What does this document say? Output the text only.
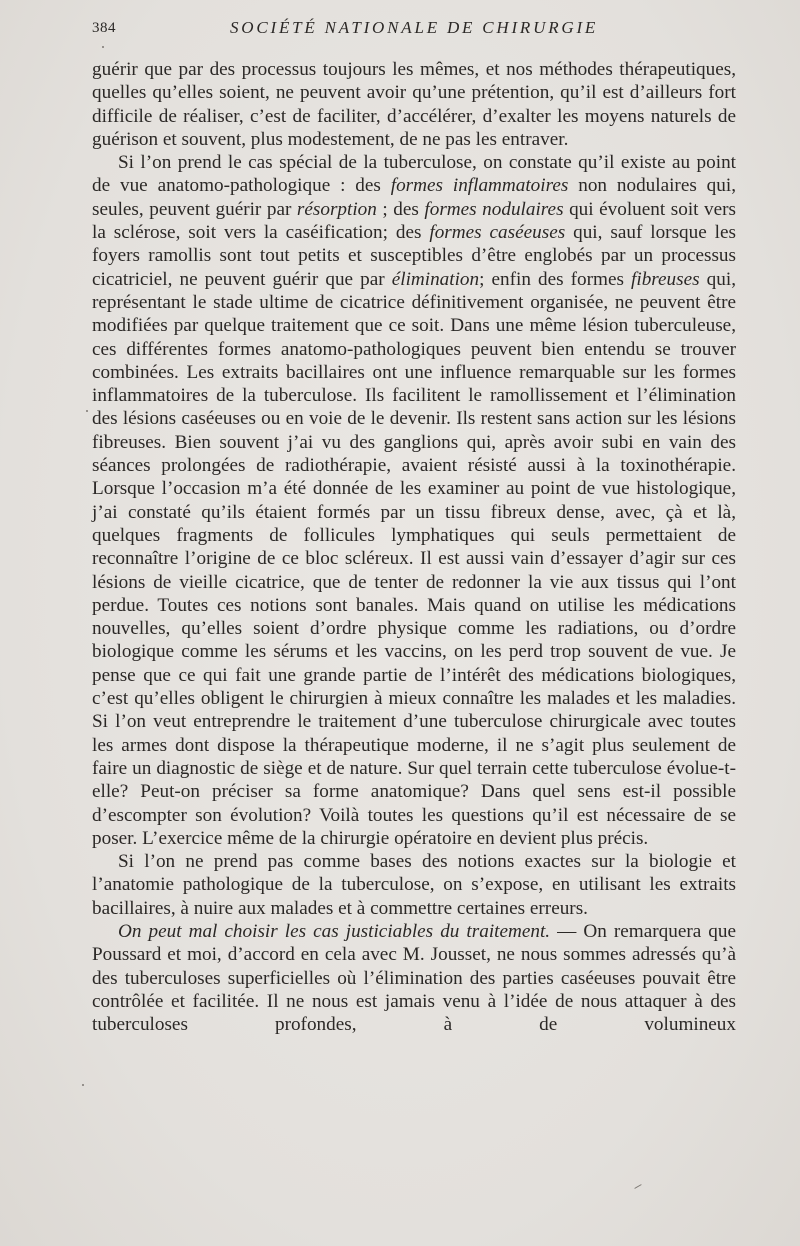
384	SOCIÉTÉ NATIONALE DE CHIRURGIE

guérir que par des processus toujours les mêmes, et nos méthodes thérapeutiques, quelles qu’elles soient, ne peuvent avoir qu’une prétention, qu’il est d’ailleurs fort difficile de réaliser, c’est de faciliter, d’accélérer, d’exalter les moyens naturels de guérison et souvent, plus modestement, de ne pas les entraver.

Si l’on prend le cas spécial de la tuberculose, on constate qu’il existe au point de vue anatomo-pathologique : des formes inflammatoires non nodulaires qui, seules, peuvent guérir par résorption ; des formes nodulaires qui évoluent soit vers la sclérose, soit vers la caséification; des formes caséeuses qui, sauf lorsque les foyers ramollis sont tout petits et susceptibles d’être englobés par un processus cicatriciel, ne peuvent guérir que par élimination; enfin des formes fibreuses qui, représentant le stade ultime de cicatrice définitivement organisée, ne peuvent être modifiées par quelque traitement que ce soit. Dans une même lésion tuberculeuse, ces différentes formes anatomo-pathologiques peuvent bien entendu se trouver combinées. Les extraits bacillaires ont une influence remarquable sur les formes inflammatoires de la tuberculose. Ils facilitent le ramollissement et l’élimination des lésions caséeuses ou en voie de le devenir. Ils restent sans action sur les lésions fibreuses. Bien souvent j’ai vu des ganglions qui, après avoir subi en vain des séances prolongées de radiothérapie, avaient résisté aussi à la toxinothérapie. Lorsque l’occasion m’a été donnée de les examiner au point de vue histologique, j’ai constaté qu’ils étaient formés par un tissu fibreux dense, avec, çà et là, quelques fragments de follicules lymphatiques qui seuls permettaient de reconnaître l’origine de ce bloc scléreux. Il est aussi vain d’essayer d’agir sur ces lésions de vieille cicatrice, que de tenter de redonner la vie aux tissus qui l’ont perdue. Toutes ces notions sont banales. Mais quand on utilise les médications nouvelles, qu’elles soient d’ordre physique comme les radiations, ou d’ordre biologique comme les sérums et les vaccins, on les perd trop souvent de vue. Je pense que ce qui fait une grande partie de l’intérêt des médications biologiques, c’est qu’elles obligent le chirurgien à mieux connaître les malades et les maladies. Si l’on veut entreprendre le traitement d’une tuberculose chirurgicale avec toutes les armes dont dispose la thérapeutique moderne, il ne s’agit plus seulement de faire un diagnostic de siège et de nature. Sur quel terrain cette tuberculose évolue-t-elle? Peut-on préciser sa forme anatomique? Dans quel sens est-il possible d’escompter son évolution? Voilà toutes les questions qu’il est nécessaire de se poser. L’exercice même de la chirurgie opératoire en devient plus précis.

Si l’on ne prend pas comme bases des notions exactes sur la biologie et l’anatomie pathologique de la tuberculose, on s’expose, en utilisant les extraits bacillaires, à nuire aux malades et à commettre certaines erreurs.

On peut mal choisir les cas justiciables du traitement. — On remarquera que Poussard et moi, d’accord en cela avec M. Jousset, ne nous sommes adressés qu’à des tuberculoses superficielles où l’élimination des parties caséeuses pouvait être contrôlée et facilitée. Il ne nous est jamais venu à l’idée de nous attaquer à des tuberculoses profondes, à de volumineux
